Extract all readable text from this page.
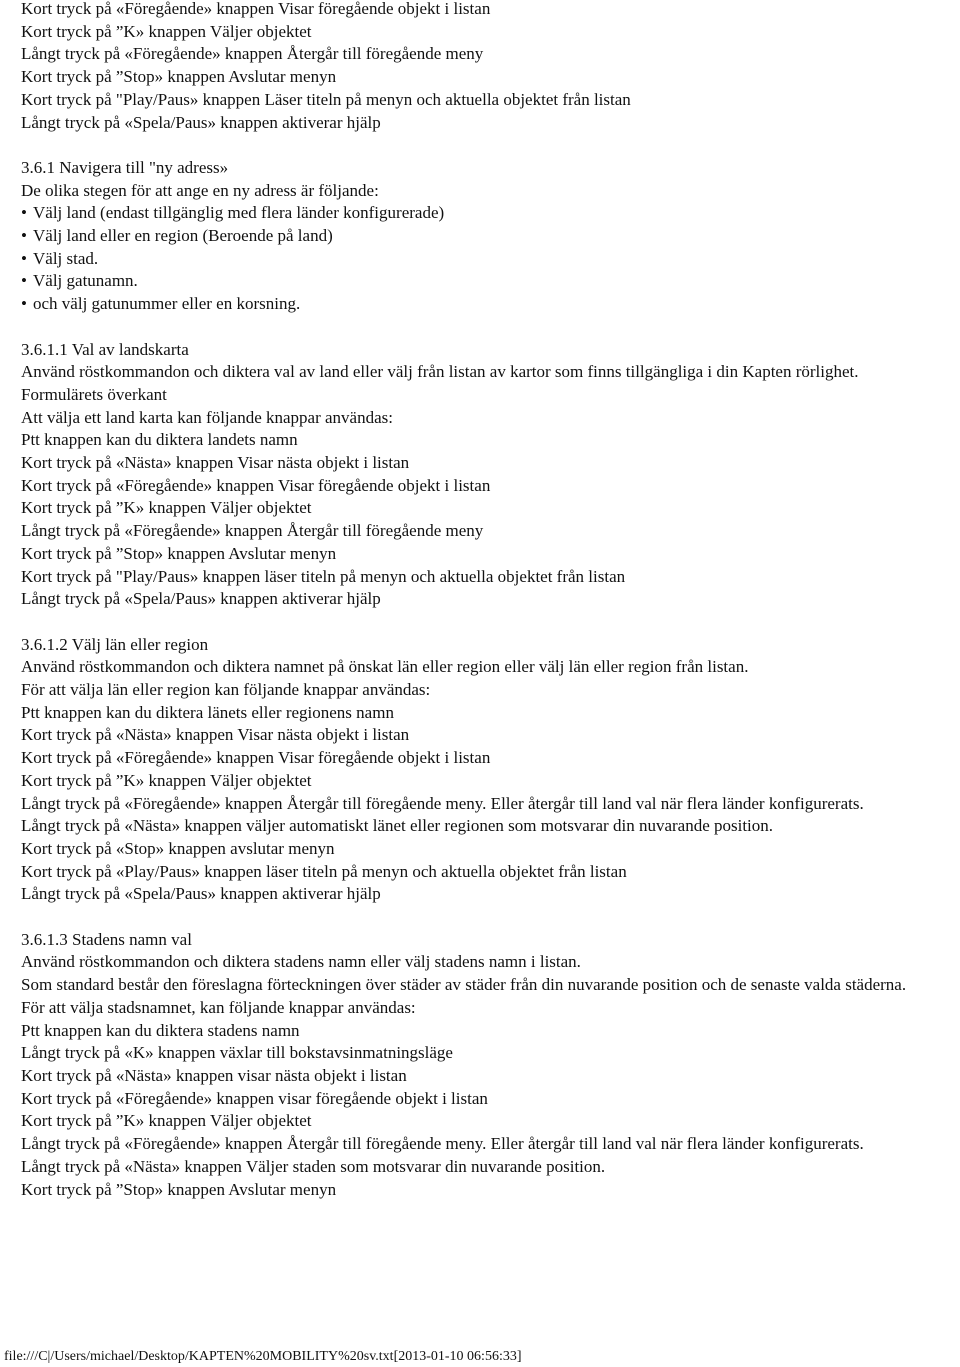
Kort tryck på «Föregående» knappen Visar föregående objekt i listan
Kort tryck på ”K» knappen Väljer objektet
Långt tryck på «Föregående» knappen Återgår till föregående meny
Kort tryck på ”Stop» knappen Avslutar menyn
Kort tryck på "Play/Paus» knappen Läser titeln på menyn och aktuella objektet från listan
Långt tryck på «Spela/Paus» knappen aktiverar hjälp
3.6.1 Navigera till "ny adress»
De olika stegen för att ange en ny adress är följande:
• Välj land (endast tillgänglig med flera länder konfigurerade)
• Välj land eller en region (Beroende på land)
• Välj stad.
• Välj gatunamn.
• och välj gatunummer eller en korsning.
3.6.1.1 Val av landskarta
Använd röstkommandon och diktera val av land eller välj från listan av kartor som finns tillgängliga i din Kapten rörlighet.
Formulärets överkant
Att välja ett land karta kan följande knappar användas:
Ptt knappen kan du diktera landets namn
Kort tryck på «Nästa» knappen Visar nästa objekt i listan
Kort tryck på «Föregående» knappen Visar föregående objekt i listan
Kort tryck på ”K» knappen Väljer objektet
Långt tryck på «Föregående» knappen Återgår till föregående meny
Kort tryck på ”Stop» knappen Avslutar menyn
Kort tryck på "Play/Paus» knappen läser titeln på menyn och aktuella objektet från listan
Långt tryck på «Spela/Paus» knappen aktiverar hjälp
3.6.1.2 Välj län eller region
Använd röstkommandon och diktera namnet på önskat län eller region eller välj län eller region från listan.
För att välja län eller region kan följande knappar användas:
Ptt knappen kan du diktera länets eller regionens namn
Kort tryck på «Nästa» knappen Visar nästa objekt i listan
Kort tryck på «Föregående» knappen Visar föregående objekt i listan
Kort tryck på ”K» knappen Väljer objektet
Långt tryck på «Föregående» knappen Återgår till föregående meny. Eller återgår till land val när flera länder konfigurerats.
Långt tryck på «Nästa» knappen väljer automatiskt länet eller regionen som motsvarar din nuvarande position.
Kort tryck på «Stop» knappen avslutar menyn
Kort tryck på «Play/Paus» knappen läser titeln på menyn och aktuella objektet från listan
Långt tryck på «Spela/Paus» knappen aktiverar hjälp
3.6.1.3 Stadens namn val
Använd röstkommandon och diktera stadens namn eller välj stadens namn i listan.
Som standard består den föreslagna förteckningen över städer av städer från din nuvarande position och de senaste valda städerna.
För att välja stadsnamnet, kan följande knappar användas:
Ptt knappen kan du diktera stadens namn
Långt tryck på «K» knappen växlar till bokstavsinmatningsläge
Kort tryck på «Nästa» knappen visar nästa objekt i listan
Kort tryck på «Föregående» knappen visar föregående objekt i listan
Kort tryck på ”K» knappen Väljer objektet
Långt tryck på «Föregående» knappen Återgår till föregående meny. Eller återgår till land val när flera länder konfigurerats.
Långt tryck på «Nästa» knappen Väljer staden som motsvarar din nuvarande position.
Kort tryck på ”Stop» knappen Avslutar menyn
file:///C|/Users/michael/Desktop/KAPTEN%20MOBILITY%20sv.txt[2013-01-10 06:56:33]
